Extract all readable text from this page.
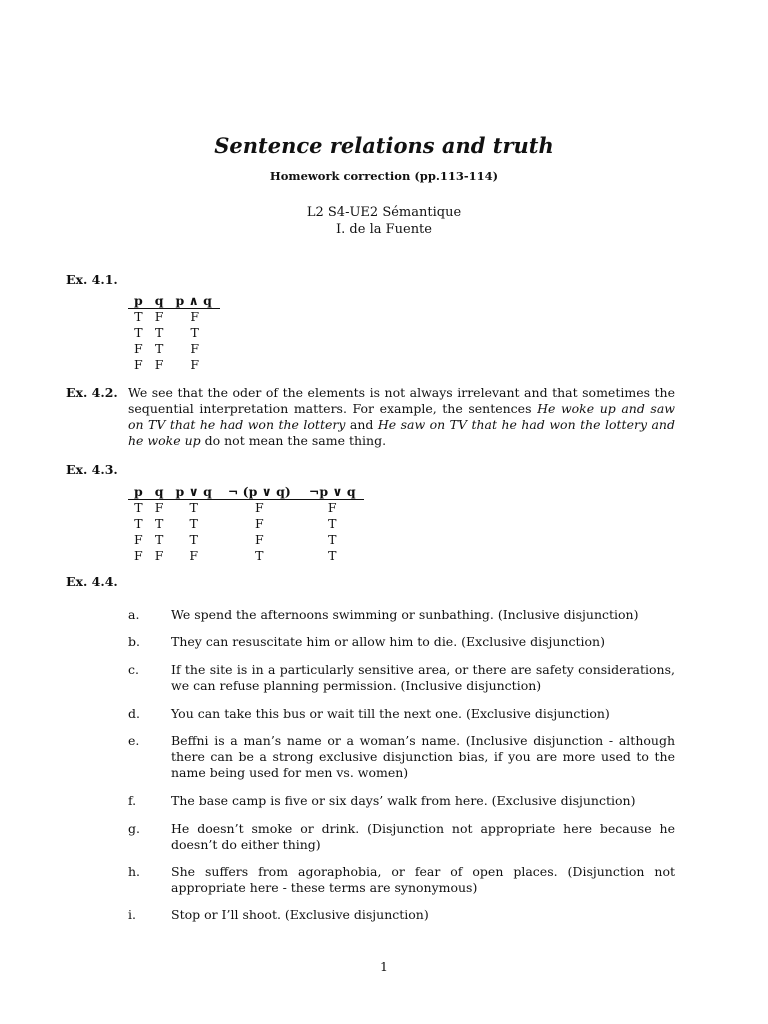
Sentence relations and truth
Homework correction (pp.113-114)
L2 S4-UE2 Sémantique
I. de la Fuente
Ex. 4.1.
p	q	p ∧ q
T	F	F
T	T	T
F	T	F
F	F	F
Ex. 4.2. We see that the oder of the elements is not always irrelevant and that sometimes the sequential interpretation matters. For example, the sentences He woke up and saw on TV that he had won the lottery and He saw on TV that he had won the lottery and he woke up do not mean the same thing.
Ex. 4.3.
p	q	p ∨ q	¬ (p ∨ q)	¬p ∨ q
T	F	T	F	F
T	T	T	F	T
F	T	T	F	T
F	F	F	T	T
Ex. 4.4.
a.	We spend the afternoons swimming or sunbathing. (Inclusive disjunction)
b.	They can resuscitate him or allow him to die. (Exclusive disjunction)
c.	If the site is in a particularly sensitive area, or there are safety considerations, we can refuse planning permission. (Inclusive disjunction)
d.	You can take this bus or wait till the next one. (Exclusive disjunction)
e.	Beffni is a man’s name or a woman’s name. (Inclusive disjunction - although there can be a strong exclusive disjunction bias, if you are more used to the name being used for men vs. women)
f.	The base camp is five or six days’ walk from here. (Exclusive disjunction)
g.	He doesn’t smoke or drink. (Disjunction not appropriate here because he doesn’t do either thing)
h.	She suffers from agoraphobia, or fear of open places. (Disjunction not appropriate here - these terms are synonymous)
i.	Stop or I’ll shoot. (Exclusive disjunction)
1
